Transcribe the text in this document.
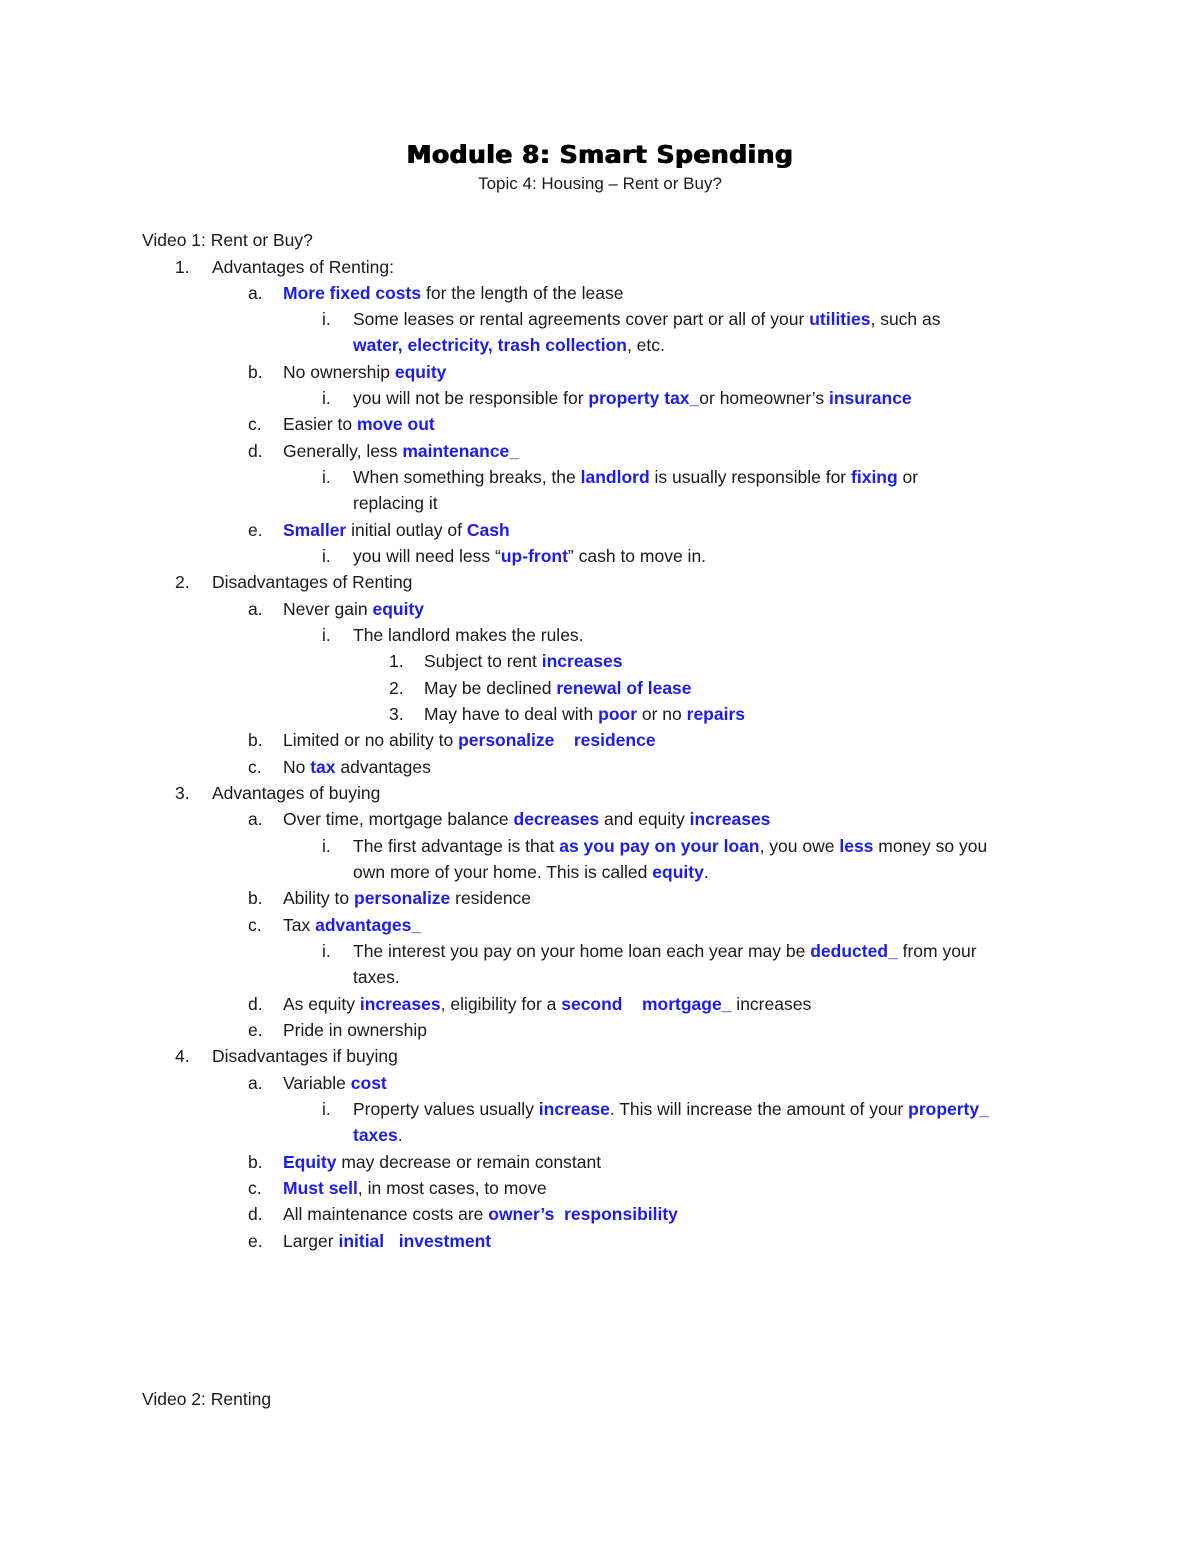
Module 8: Smart Spending
Topic 4: Housing – Rent or Buy?
Video 1: Rent or Buy?
1. Advantages of Renting:
a. More fixed costs for the length of the lease
i. Some leases or rental agreements cover part or all of your utilities, such as
water, electricity, trash collection, etc.
b. No ownership equity
i. you will not be responsible for property tax_or homeowner’s insurance
c. Easier to move out
d. Generally, less maintenance_
i. When something breaks, the landlord is usually responsible for fixing or
replacing it
e. Smaller initial outlay of Cash
i. you will need less “up-front” cash to move in.
2. Disadvantages of Renting
a. Never gain equity
i. The landlord makes the rules.
1. Subject to rent increases
2. May be declined renewal of lease
3. May have to deal with poor or no repairs
b. Limited or no ability to personalize residence
c. No tax advantages
3. Advantages of buying
a. Over time, mortgage balance decreases and equity increases
i. The first advantage is that as you pay on your loan, you owe less money so you
own more of your home. This is called equity.
b. Ability to personalize residence
c. Tax advantages_
i. The interest you pay on your home loan each year may be deducted_ from your
taxes.
d. As equity increases, eligibility for a second mortgage_ increases
e. Pride in ownership
4. Disadvantages if buying
a. Variable cost
i. Property values usually increase. This will increase the amount of your property_
taxes.
b. Equity may decrease or remain constant
c. Must sell, in most cases, to move
d. All maintenance costs are owner’s responsibility
e. Larger initial investment
Video 2: Renting
